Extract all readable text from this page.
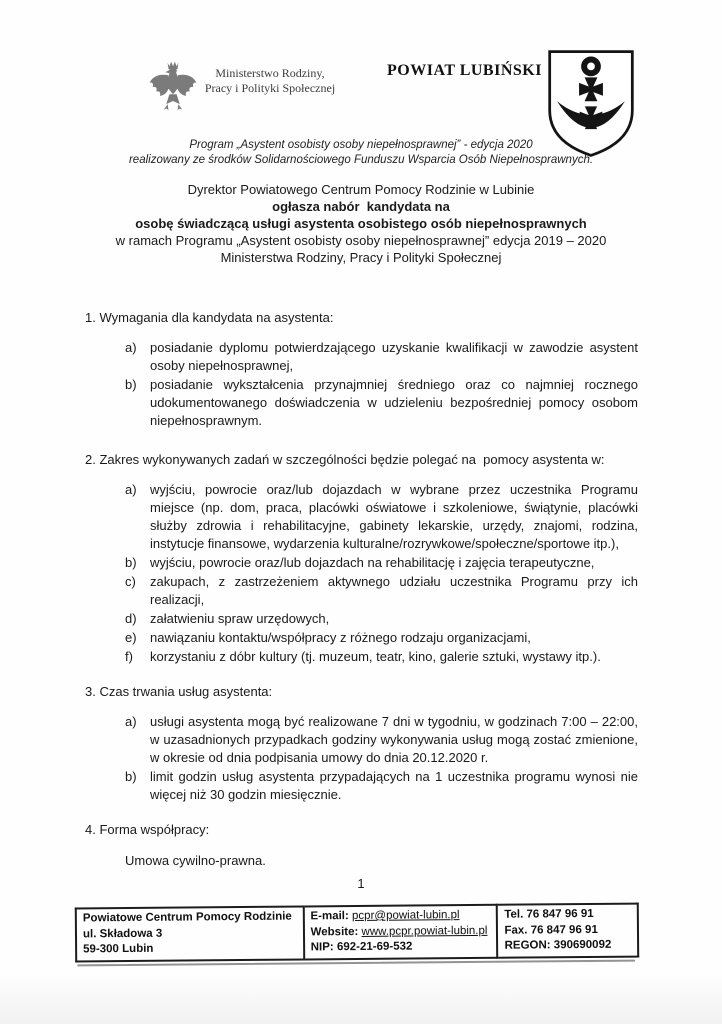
Ministerstwo Rodziny,
Pracy i Polityki Społecznej
POWIAT LUBIŃSKI
Program „Asystent osobisty osoby niepełnosprawnej” - edycja 2020
realizowany ze środków Solidarnościowego Funduszu Wsparcia Osób Niepełnosprawnych.
Dyrektor Powiatowego Centrum Pomocy Rodzinie w Lubinie
ogłasza nabór  kandydata na
osobę świadczącą usługi asystenta osobistego osób niepełnosprawnych
w ramach Programu „Asystent osobisty osoby niepełnosprawnej” edycja 2019 – 2020
Ministerstwa Rodziny, Pracy i Polityki Społecznej
1. Wymagania dla kandydata na asystenta:
a)	posiadanie dyplomu potwierdzającego uzyskanie kwalifikacji w zawodzie asystent osoby niepełnosprawnej,
b)	posiadanie wykształcenia przynajmniej średniego oraz co najmniej rocznego udokumentowanego doświadczenia w udzieleniu bezpośredniej pomocy osobom niepełnosprawnym.
2. Zakres wykonywanych zadań w szczególności będzie polegać na  pomocy asystenta w:
a)	wyjściu, powrocie oraz/lub dojazdach w wybrane przez uczestnika Programu miejsce (np. dom, praca, placówki oświatowe i szkoleniowe, świątynie, placówki służby zdrowia i rehabilitacyjne, gabinety lekarskie, urzędy, znajomi, rodzina, instytucje finansowe, wydarzenia kulturalne/rozrywkowe/społeczne/sportowe itp.),
b)	wyjściu, powrocie oraz/lub dojazdach na rehabilitację i zajęcia terapeutyczne,
c)	zakupach, z zastrzeżeniem aktywnego udziału uczestnika Programu przy ich realizacji,
d)	załatwieniu spraw urzędowych,
e)	nawiązaniu kontaktu/współpracy z różnego rodzaju organizacjami,
f)	korzystaniu z dóbr kultury (tj. muzeum, teatr, kino, galerie sztuki, wystawy itp.).
3. Czas trwania usług asystenta:
a)	usługi asystenta mogą być realizowane 7 dni w tygodniu, w godzinach 7:00 – 22:00, w uzasadnionych przypadkach godziny wykonywania usług mogą zostać zmienione, w okresie od dnia podpisania umowy do dnia 20.12.2020 r.
b)	limit godzin usług asystenta przypadających na 1 uczestnika programu wynosi nie więcej niż 30 godzin miesięcznie.
4. Forma współpracy:
Umowa cywilno-prawna.
1
Powiatowe Centrum Pomocy Rodzinie
ul. Składowa 3
59-300 Lubin

E-mail: pcpr@powiat-lubin.pl
Website: www.pcpr.powiat-lubin.pl
NIP: 692-21-69-532

Tel. 76 847 96 91
Fax. 76 847 96 91
REGON: 390690092
